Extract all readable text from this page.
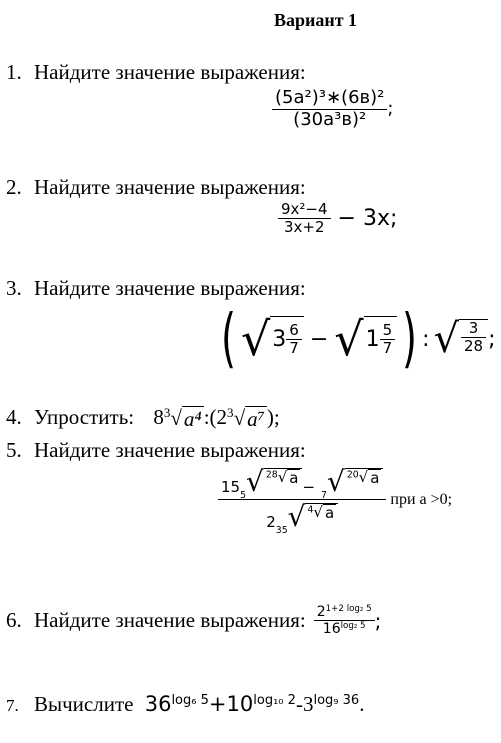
Вариант 1
1. Найдите значение выражения:
$\frac{\text{(5a²)³∗(6в)²}}{\text{(30a³в)²}}$ ;
2. Найдите значение выражения:
$\frac{\text{9x²−4}}{3x+2} - 3x$;
3. Найдите значение выражения:
( √ $3 \frac{6}{7}$ − √ $1 \frac{5}{7}$ ) : √ $\frac{3}{28}$ ;
4. Упростить: $8^3$ √ a⁴ $:(2^3$ √ a⁷ );
5. Найдите значение выражения:
$\frac{15 5 √ ^{28} √ a - 7 √ ^{20} √ a}{2 35 √ ^4 √ a}$ при a >0;
6. Найдите значение выражения: $\frac{2^{1+2 log_2 5}}{16^{log_2 5}}$ ;
7. Вычислите $36^{log_6 5}+10^{log_{10} 2}-3^{log_9 36}$.
